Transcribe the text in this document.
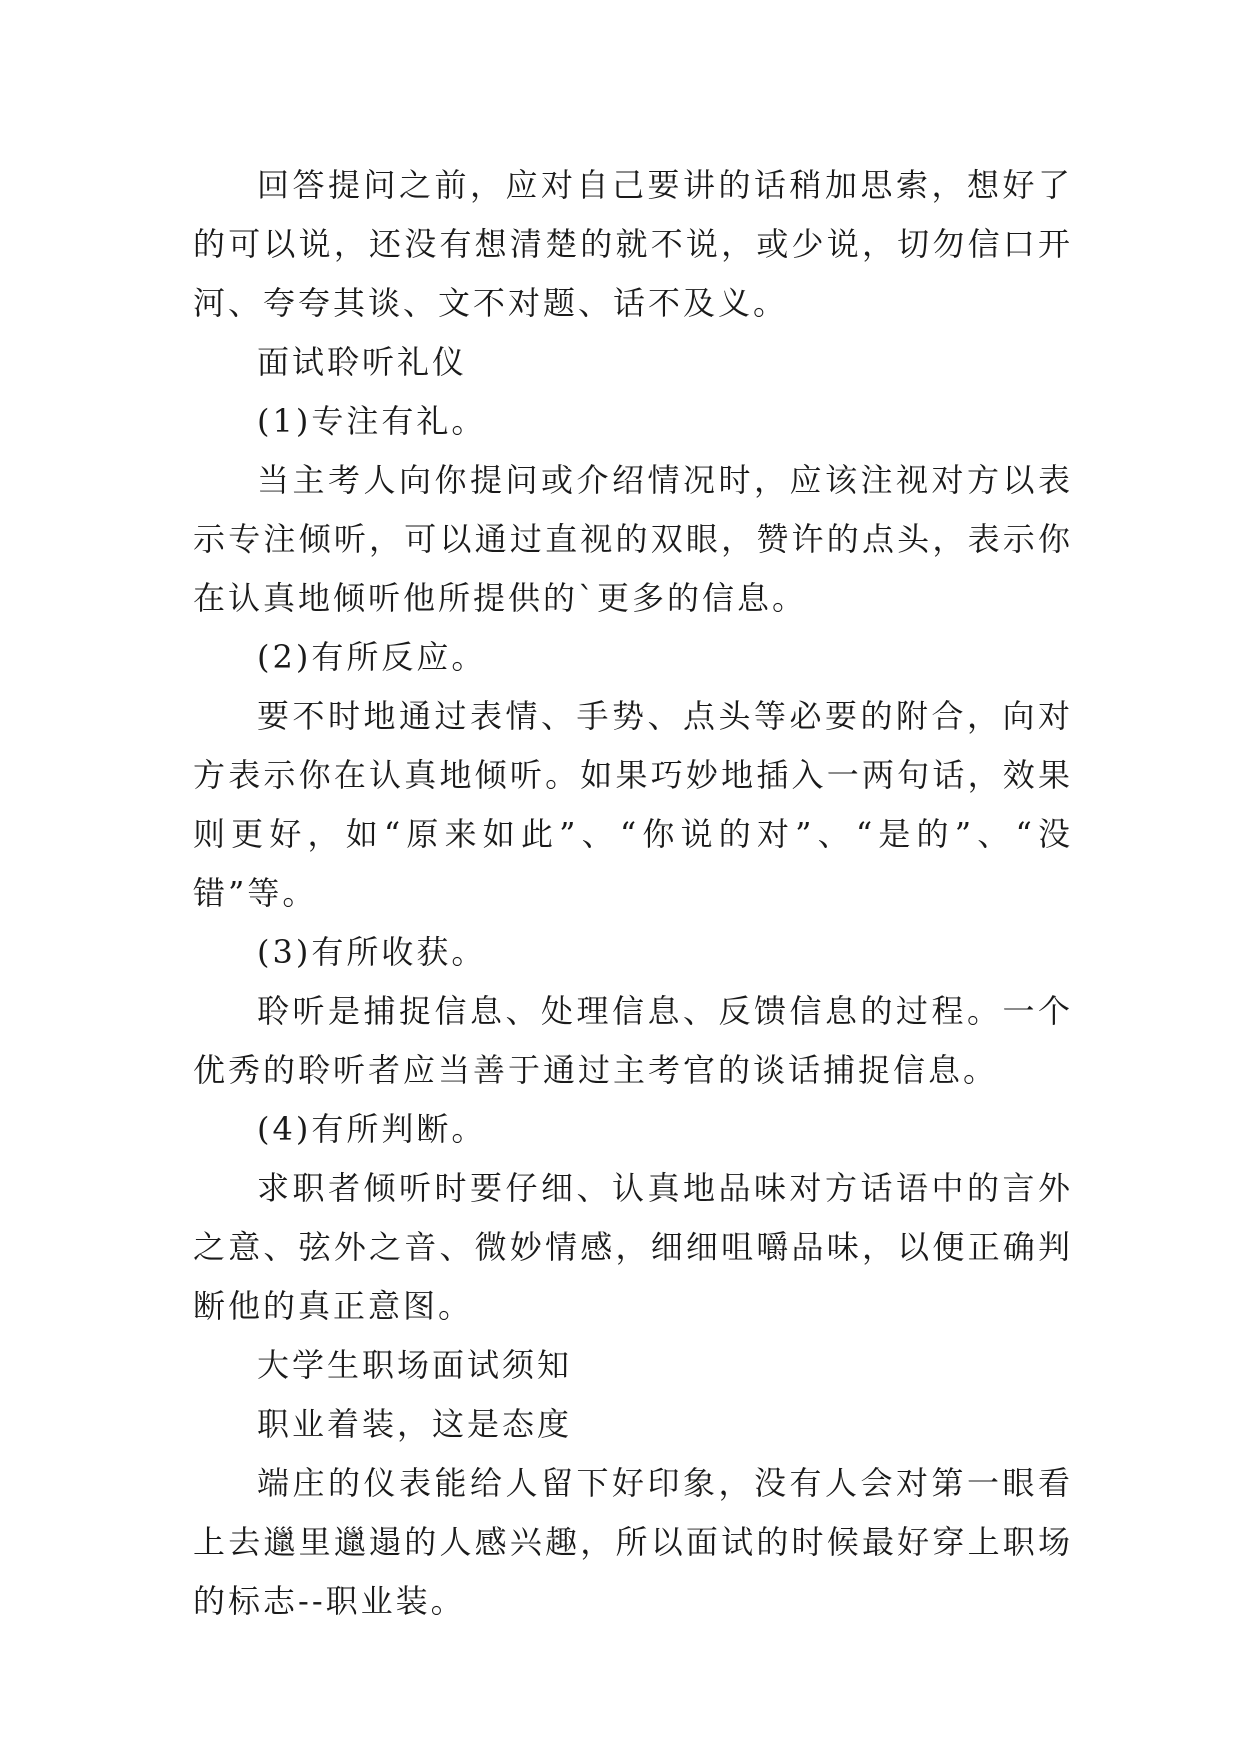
回答提问之前，应对自己要讲的话稍加思索，想好了的可以说，还没有想清楚的就不说，或少说，切勿信口开河、夸夸其谈、文不对题、话不及义。

面试聆听礼仪

(1)专注有礼。

当主考人向你提问或介绍情况时，应该注视对方以表示专注倾听，可以通过直视的双眼，赞许的点头，表示你在认真地倾听他所提供的`更多的信息。

(2)有所反应。

要不时地通过表情、手势、点头等必要的附合，向对方表示你在认真地倾听。如果巧妙地插入一两句话，效果则更好，如“原来如此”、“你说的对”、“是的”、“没错”等。

(3)有所收获。

聆听是捕捉信息、处理信息、反馈信息的过程。一个优秀的聆听者应当善于通过主考官的谈话捕捉信息。

(4)有所判断。

求职者倾听时要仔细、认真地品味对方话语中的言外之意、弦外之音、微妙情感，细细咀嚼品味，以便正确判断他的真正意图。

大学生职场面试须知

职业着装，这是态度

端庄的仪表能给人留下好印象，没有人会对第一眼看上去邋里邋遢的人感兴趣，所以面试的时候最好穿上职场的标志--职业装。
